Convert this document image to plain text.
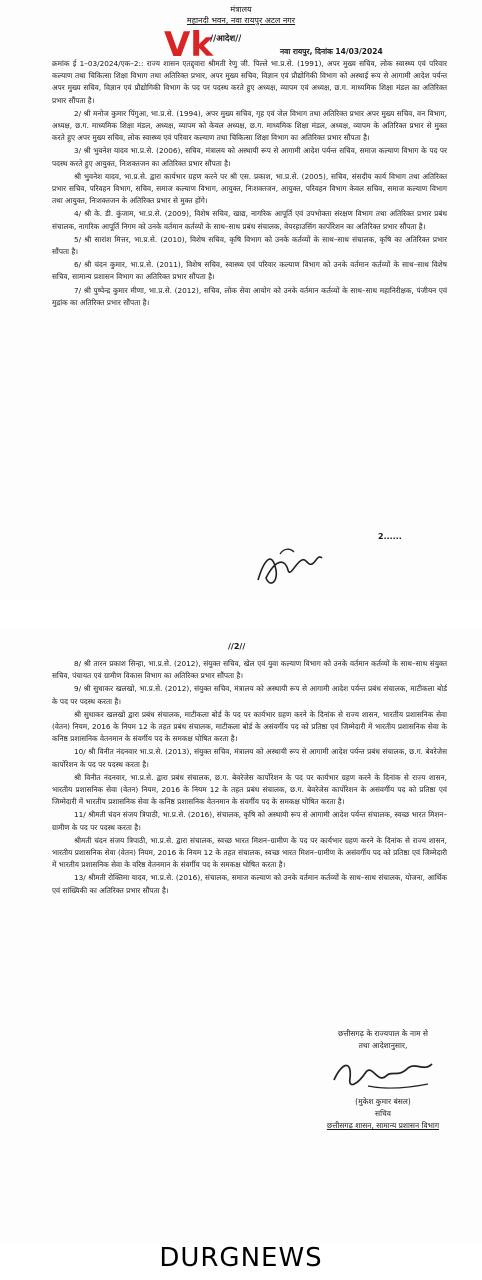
मंत्रालय
महानदी भवन, नवा रायपुर अटल नगर
Vk
//आदेश//
नवा रायपुर, दिनांक 14/03/2024

क्रमांक ई 1–03/2024/एक–2:: राज्य शासन एतद्द्वारा श्रीमती रेणु जी. पिल्ले भा.प्र.से. (1991), अपर मुख्य सचिव, लोक स्वास्थ्य एवं परिवार कल्याण तथा चिकित्सा शिक्षा विभाग तथा अतिरिक्त प्रभार, अपर मुख्य सचिव, विज्ञान एवं प्रौद्योगिकी विभाग को अस्थाई रूप से आगामी आदेश पर्यन्त अपर मुख्य सचिव, विज्ञान एवं प्रौद्योगिकी विभाग के पद पर पदस्थ करते हुए अध्यक्ष, व्यापम एवं अध्यक्ष, छ.ग. माध्यमिक शिक्षा मंडल का अतिरिक्त प्रभार सौंपता है।

2/ श्री मनोज कुमार पिंगुआ, भा.प्र.से. (1994), अपर मुख्य सचिव, गृह एवं जेल विभाग तथा अतिरिक्त प्रभार अपर मुख्य सचिव, वन विभाग, अध्यक्ष, छ.ग. माध्यमिक शिक्षा मंडल, अध्यक्ष, व्यापम को केवल अध्यक्ष, छ.ग. माध्यमिक शिक्षा मंडल, अध्यक्ष, व्यापम के अतिरिक्त प्रभार से मुक्त करते हुए अपर मुख्य सचिव, लोक स्वास्थ्य एवं परिवार कल्याण तथा चिकित्सा शिक्षा विभाग का अतिरिक्त प्रभार सौंपता है।

3/ श्री भुवनेश यादव भा.प्र.से. (2006), सचिव, मंत्रालय को अस्थायी रूप से आगामी आदेश पर्यन्त सचिव, समाज कल्याण विभाग के पद पर पदस्थ करते हुए आयुक्त, निःशक्तजन का अतिरिक्त प्रभार सौंपता है।

श्री भुवनेश यादव, भा.प्र.से. द्वारा कार्यभार ग्रहण करने पर श्री एस. प्रकाश, भा.प्र.से. (2005), सचिव, संसदीय कार्य विभाग तथा अतिरिक्त प्रभार सचिव, परिवहन विभाग, सचिव, समाज कल्याण विभाग, आयुक्त, निःशक्तजन, आयुक्त, परिवहन विभाग केवल सचिव, समाज कल्याण विभाग तथा आयुक्त, निःशक्तजन के अतिरिक्त प्रभार से मुक्त होंगे।

4/ श्री के. डी. कुंजाम, भा.प्र.से. (2009), विशेष सचिव, खाद्य, नागरिक आपूर्ति एवं उपभोक्ता संरक्षण विभाग तथा अतिरिक्त प्रभार प्रबंध संचालक, नागरिक आपूर्ति निगम को उनके वर्तमान कर्तव्यों के साथ–साथ प्रबंध संचालक, वेयरहाउसिंग कार्पोरेशन का अतिरिक्त प्रभार सौंपता है।

5/ श्री सारांश मित्तर, भा.प्र.से. (2010), विशेष सचिव, कृषि विभाग को उनके कर्तव्यों के साथ–साथ संचालक, कृषि का अतिरिक्त प्रभार सौंपता है।

6/ श्री चंदन कुमार, भा.प्र.से. (2011), विशेष सचिव, स्वास्थ्य एवं परिवार कल्याण विभाग को उनके वर्तमान कर्तव्यों के साथ–साथ विशेष सचिव, सामान्य प्रशासन विभाग का अतिरिक्त प्रभार सौंपता है।

7/ श्री पुष्पेन्द्र कुमार मीणा, भा.प्र.से. (2012), सचिव, लोक सेवा आयोग को उनके वर्तमान कर्तव्यों के साथ–साथ महानिरीक्षक, पंजीयन एवं मुद्रांक का अतिरिक्त प्रभार सौंपता है।

2......
//2//

8/ श्री तारन प्रकाश सिन्हा, भा.प्र.से. (2012), संयुक्त सचिव, खेल एवं युवा कल्याण विभाग को उनके वर्तमान कर्तव्यों के साथ–साथ संयुक्त सचिव, पंचायत एवं ग्रामीण विकास विभाग का अतिरिक्त प्रभार सौंपता है।

9/ श्री सुधाकर खलखो, भा.प्र.से. (2012), संयुक्त सचिव, मंत्रालय को अस्थायी रूप से आगामी आदेश पर्यन्त प्रबंध संचालक, माटीकला बोर्ड के पद पर पदस्थ करता है।

श्री सुधाकर खलखो द्वारा प्रबंध संचालक, माटीकला बोर्ड के पद पर कार्यभार ग्रहण करने के दिनांक से राज्य शासन, भारतीय प्रशासनिक सेवा (वेतन) नियम, 2016 के नियम 12 के तहत प्रबंध संचालक, माटीकला बोर्ड के असंवर्गीय पद को प्रतिष्ठा एवं जिम्मेदारी में भारतीय प्रशासनिक सेवा के कनिष्ठ प्रशासनिक वेतनमान के संवर्गीय पद के समकक्ष घोषित करता है।

10/ श्री विनीत नंदनवार भा.प्र.से. (2013), संयुक्त सचिव, मंत्रालय को अस्थायी रूप से आगामी आदेश पर्यन्त प्रबंध संचालक, छ.ग. बेवरेजेस कार्पोरेशन के पद पर पदस्थ करता है।

श्री विनीत नंदनवार, भा.प्र.से. द्वारा प्रबंध संचालक, छ.ग. बेवरेजेस कार्पोरेशन के पद पर कार्यभार ग्रहण करने के दिनांक से राज्य शासन, भारतीय प्रशासनिक सेवा (वेतन) नियम, 2016 के नियम 12 के तहत प्रबंध संचालक, छ.ग. बेवरेजेस कार्पोरेशन के असंवर्गीय पद को प्रतिष्ठा एवं जिम्मेदारी में भारतीय प्रशासनिक सेवा के कनिष्ठ प्रशासनिक वेतनमान के संवर्गीय पद के समकक्ष घोषित करता है।

11/ श्रीमती चंदन संजय त्रिपाठी, भा.प्र.से. (2016), संचालक, कृषि को अस्थायी रूप से आगामी आदेश पर्यन्त संचालक, स्वच्छ भारत मिशन–ग्रामीण के पद पर पदस्थ करता है।

श्रीमती चंदन संजय त्रिपाठी, भा.प्र.से. द्वारा संचालक, स्वच्छ भारत मिशन–ग्रामीण के पद पर कार्यभार ग्रहण करने के दिनांक से राज्य शासन, भारतीय प्रशासनिक सेवा (वेतन) नियम, 2016 के नियम 12 के तहत संचालक, स्वच्छ भारत मिशन–ग्रामीण के असंवर्गीय पद को प्रतिष्ठा एवं जिम्मेदारी में भारतीय प्रशासनिक सेवा के वरिष्ठ वेतनमान के संवर्गीय पद के समकक्ष घोषित करता है।

13/ श्रीमती रोक्तिमा यादव, भा.प्र.से. (2016), संचालक, समाज कल्याण को उनके वर्तमान कर्तव्यों के साथ–साथ संचालक, योजना, आर्थिक एवं सांख्यिकी का अतिरिक्त प्रभार सौंपता है।

छत्तीसगढ़ के राज्यपाल के नाम से
तथा आदेशानुसार,
(मुकेश कुमार बंसल)
सचिव
छत्तीसगढ़ शासन, सामान्य प्रशासन विभाग
DURGNEWS
